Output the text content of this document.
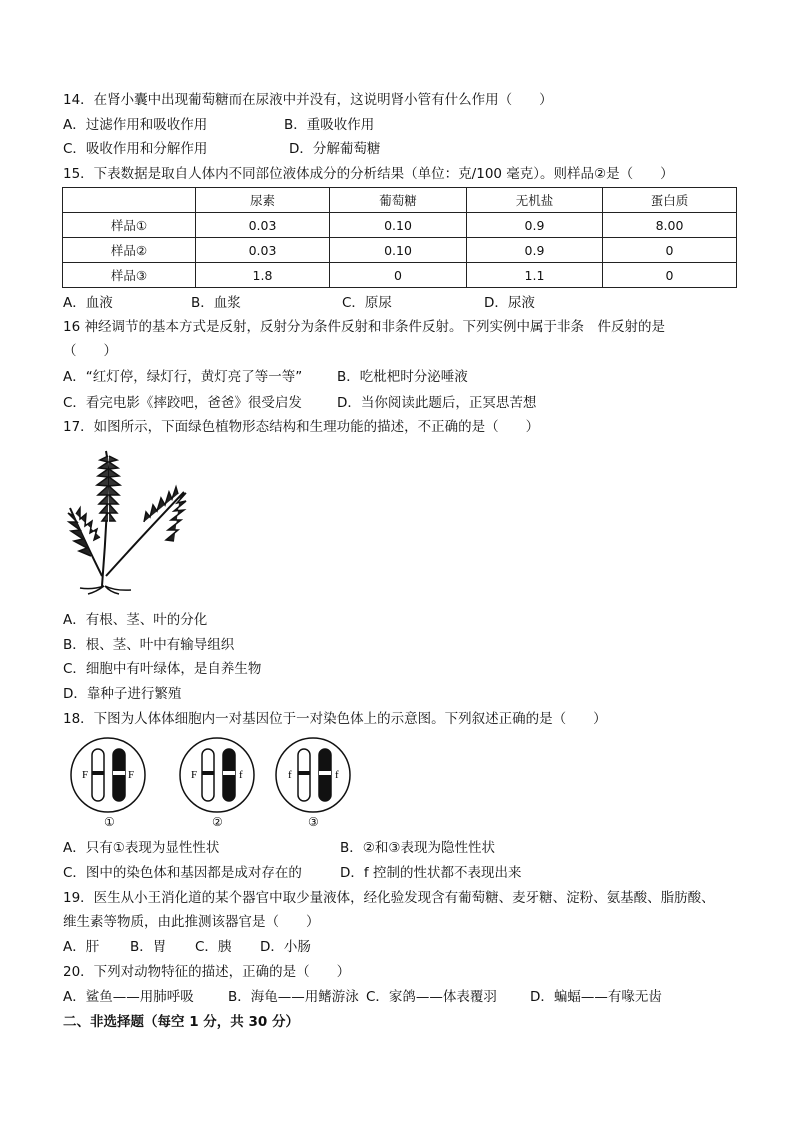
14．在肾小囊中出现葡萄糖而在尿液中并没有，这说明肾小管有什么作用（　　）
A．过滤作用和吸收作用	B．重吸收作用
C．吸收作用和分解作用	D．分解葡萄糖
15．下表数据是取自人体内不同部位液体成分的分析结果（单位：克/100 毫克）。则样品②是（　　）
	尿素	葡萄糖	无机盐	蛋白质
样品①	0.03	0.10	0.9	8.00
样品②	0.03	0.10	0.9	0
样品③	1.8	0	1.1	0
A．血液	B．血浆	C．原尿	D．尿液
16 神经调节的基本方式是反射，反射分为条件反射和非条件反射。下列实例中属于非条　件反射的是
（　　）
A．“红灯停，绿灯行，黄灯亮了等一等”	B．吃枇杷时分泌唾液
C．看完电影《摔跤吧，爸爸》很受启发	D．当你阅读此题后，正冥思苦想
17．如图所示，下面绿色植物形态结构和生理功能的描述，不正确的是（　　）
A．有根、茎、叶的分化
B．根、茎、叶中有输导组织
C．细胞中有叶绿体，是自养生物
D．靠种子进行繁殖
18．下图为人体体细胞内一对基因位于一对染色体上的示意图。下列叙述正确的是（　　）
F	F	F	f	f	f
①	②	③
A．只有①表现为显性性状	B．②和③表现为隐性性状
C．图中的染色体和基因都是成对存在的	D．f 控制的性状都不表现出来
19．医生从小王消化道的某个器官中取少量液体，经化验发现含有葡萄糖、麦牙糖、淀粉、氨基酸、脂肪酸、
维生素等物质，由此推测该器官是（　　）
A．肝 B．胃 C．胰 D．小肠
20．下列对动物特征的描述，正确的是（　　）
A．鲨鱼——用肺呼吸	B．海龟——用鳍游泳 C．家鸽——体表覆羽 D．蝙蝠——有喙无齿
二、非选择题（每空 1 分，共 30 分）
